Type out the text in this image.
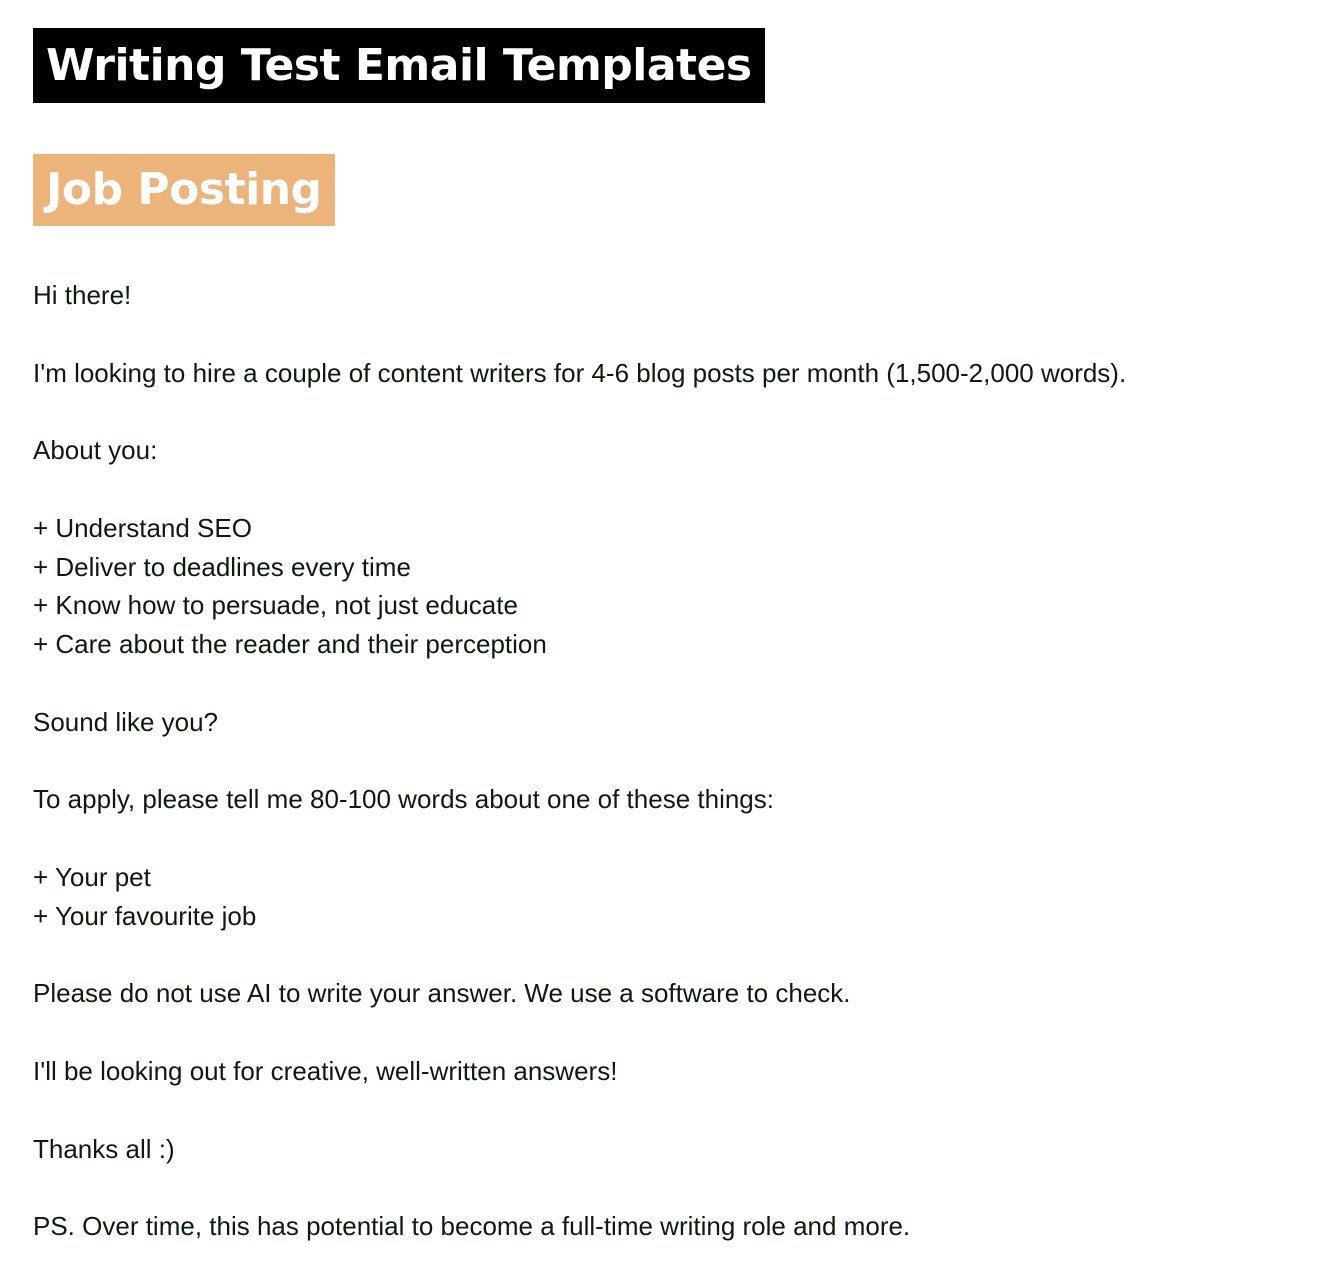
Writing Test Email Templates
Job Posting

Hi there!

I'm looking to hire a couple of content writers for 4-6 blog posts per month (1,500-2,000 words).

About you:

+ Understand SEO

+ Deliver to deadlines every time

+ Know how to persuade, not just educate

+ Care about the reader and their perception

Sound like you?

To apply, please tell me 80-100 words about one of these things:

+ Your pet

+ Your favourite job

Please do not use AI to write your answer. We use a software to check.

I'll be looking out for creative, well-written answers!

Thanks all :)

PS. Over time, this has potential to become a full-time writing role and more.
